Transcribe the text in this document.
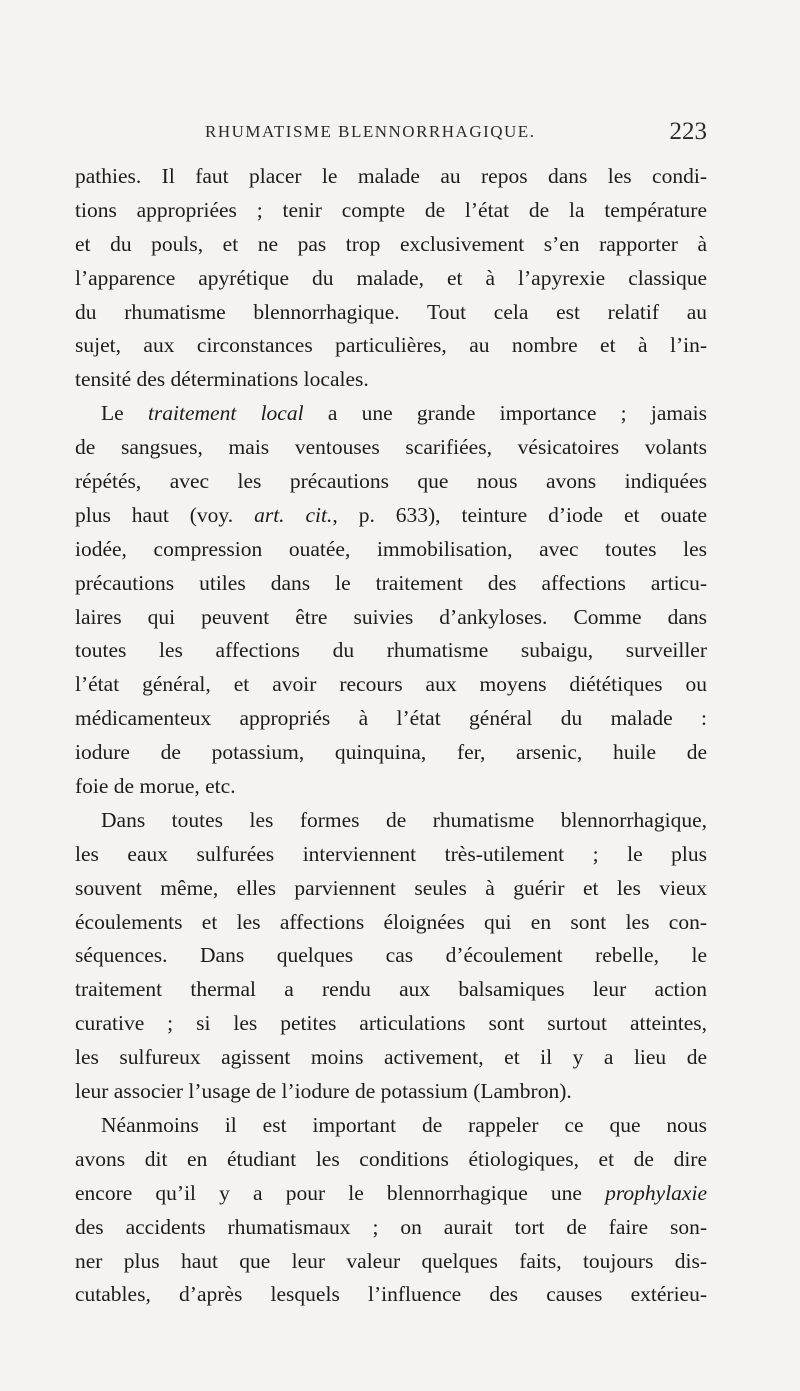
RHUMATISME BLENNORRHAGIQUE.	223
pathies. Il faut placer le malade au repos dans les condi-
tions appropriées ; tenir compte de l’état de la température
et du pouls, et ne pas trop exclusivement s’en rapporter à
l’apparence apyrétique du malade, et à l’apyrexie classique
du rhumatisme blennorrhagique. Tout cela est relatif au
sujet, aux circonstances particulières, au nombre et à l’in-
tensité des déterminations locales.
Le traitement local a une grande importance ; jamais
de sangsues, mais ventouses scarifiées, vésicatoires volants
répétés, avec les précautions que nous avons indiquées
plus haut (voy. art. cit., p. 633), teinture d’iode et ouate
iodée, compression ouatée, immobilisation, avec toutes les
précautions utiles dans le traitement des affections articu-
laires qui peuvent être suivies d’ankyloses. Comme dans
toutes les affections du rhumatisme subaigu, surveiller
l’état général, et avoir recours aux moyens diététiques ou
médicamenteux appropriés à l’état général du malade :
iodure de potassium, quinquina, fer, arsenic, huile de
foie de morue, etc.
Dans toutes les formes de rhumatisme blennorrhagique,
les eaux sulfurées interviennent très-utilement ; le plus
souvent même, elles parviennent seules à guérir et les vieux
écoulements et les affections éloignées qui en sont les con-
séquences. Dans quelques cas d’écoulement rebelle, le
traitement thermal a rendu aux balsamiques leur action
curative ; si les petites articulations sont surtout atteintes,
les sulfureux agissent moins activement, et il y a lieu de
leur associer l’usage de l’iodure de potassium (Lambron).
Néanmoins il est important de rappeler ce que nous
avons dit en étudiant les conditions étiologiques, et de dire
encore qu’il y a pour le blennorrhagique une prophylaxie
des accidents rhumatismaux ; on aurait tort de faire son-
ner plus haut que leur valeur quelques faits, toujours dis-
cutables, d’après lesquels l’influence des causes extérieu-
